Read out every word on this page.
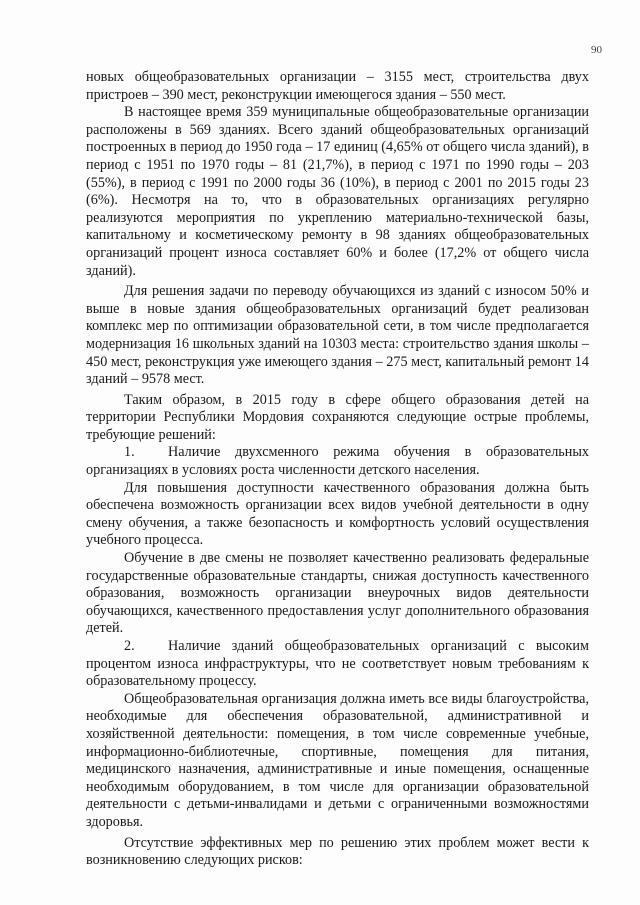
90

новых общеобразовательных организации – 3155 мест, строительства двух пристроев – 390 мест, реконструкции имеющегося здания – 550 мест.

В настоящее время 359 муниципальные общеобразовательные организации расположены в 569 зданиях. Всего зданий общеобразовательных организаций построенных в период до 1950 года – 17 единиц (4,65% от общего числа зданий), в период с 1951 по 1970 годы – 81 (21,7%), в период с 1971 по 1990 годы – 203 (55%), в период с 1991 по 2000 годы 36 (10%), в период с 2001 по 2015 годы 23 (6%). Несмотря на то, что в образовательных организациях регулярно реализуются мероприятия по укреплению материально-технической базы, капитальному и косметическому ремонту в 98 зданиях общеобразовательных организаций процент износа составляет 60% и более (17,2% от общего числа зданий).

Для решения задачи по переводу обучающихся из зданий с износом 50% и выше в новые здания общеобразовательных организаций будет реализован комплекс мер по оптимизации образовательной сети, в том числе предполагается модернизация 16 школьных зданий на 10303 места: строительство здания школы – 450 мест, реконструкция уже имеющего здания – 275 мест, капитальный ремонт 14 зданий – 9578 мест.

Таким образом, в 2015 году в сфере общего образования детей на территории Республики Мордовия сохраняются следующие острые проблемы, требующие решений:

1. Наличие двухсменного режима обучения в образовательных организациях в условиях роста численности детского населения.

Для повышения доступности качественного образования должна быть обеспечена возможность организации всех видов учебной деятельности в одну смену обучения, а также безопасность и комфортность условий осуществления учебного процесса.

Обучение в две смены не позволяет качественно реализовать федеральные государственные образовательные стандарты, снижая доступность качественного образования, возможность организации внеурочных видов деятельности обучающихся, качественного предоставления услуг дополнительного образования детей.

2. Наличие зданий общеобразовательных организаций с высоким процентом износа инфраструктуры, что не соответствует новым требованиям к образовательному процессу.

Общеобразовательная организация должна иметь все виды благоустройства, необходимые для обеспечения образовательной, административной и хозяйственной деятельности: помещения, в том числе современные учебные, информационно-библиотечные, спортивные, помещения для питания, медицинского назначения, административные и иные помещения, оснащенные необходимым оборудованием, в том числе для организации образовательной деятельности с детьми-инвалидами и детьми с ограниченными возможностями здоровья.

Отсутствие эффективных мер по решению этих проблем может вести к возникновению следующих рисков:
